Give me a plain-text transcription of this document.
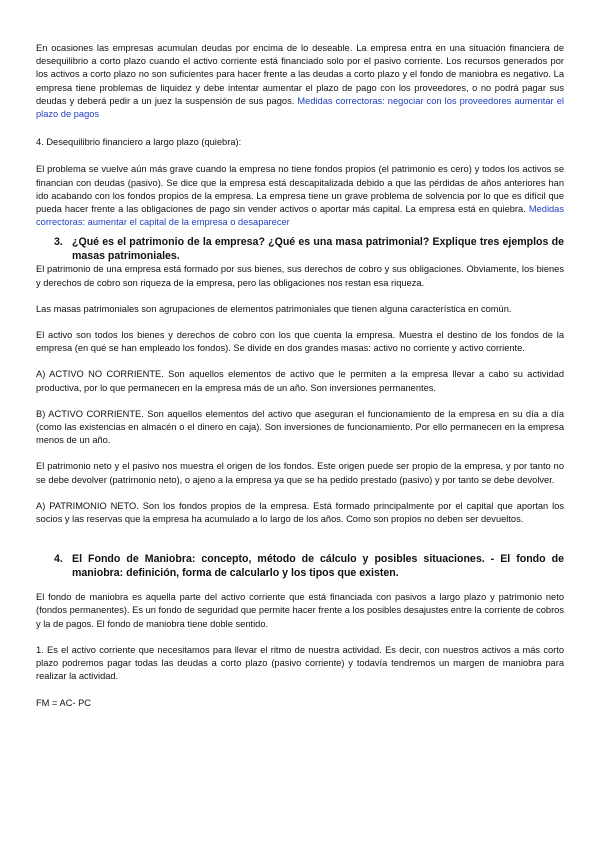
En ocasiones las empresas acumulan deudas por encima de lo deseable. La empresa entra en una situación financiera de desequilibrio a corto plazo cuando el activo corriente está financiado solo por el pasivo corriente. Los recursos generados por los activos a corto plazo no son suficientes para hacer frente a las deudas a corto plazo y el fondo de maniobra es negativo. La empresa tiene problemas de liquidez y debe intentar aumentar el plazo de pago con los proveedores, o no podrá pagar sus deudas y deberá pedir a un juez la suspensión de sus pagos. Medidas correctoras: negociar con los proveedores aumentar el plazo de pagos

4. Desequilibrio financiero a largo plazo (quiebra):

El problema se vuelve aún más grave cuando la empresa no tiene fondos propios (el patrimonio es cero) y todos los activos se financian con deudas (pasivo). Se dice que la empresa está descapitalizada debido a que las pérdidas de años anteriores han ido acabando con los fondos propios de la empresa. La empresa tiene un grave problema de solvencia por lo que es difícil que pueda hacer frente a las obligaciones de pago sin vender activos o aportar más capital. La empresa está en quiebra. Medidas correctoras: aumentar el capital de la empresa o desaparecer

3. ¿Qué es el patrimonio de la empresa? ¿Qué es una masa patrimonial? Explique tres ejemplos de masas patrimoniales.

El patrimonio de una empresa está formado por sus bienes, sus derechos de cobro y sus obligaciones. Obviamente, los bienes y derechos de cobro son riqueza de la empresa, pero las obligaciones nos restan esa riqueza.

Las masas patrimoniales son agrupaciones de elementos patrimoniales que tienen alguna característica en común.

El activo son todos los bienes y derechos de cobro con los que cuenta la empresa. Muestra el destino de los fondos de la empresa (en qué se han empleado los fondos). Se divide en dos grandes masas: activo no corriente y activo corriente.

A) ACTIVO NO CORRIENTE. Son aquellos elementos de activo que le permiten a la empresa llevar a cabo su actividad productiva, por lo que permanecen en la empresa más de un año. Son inversiones permanentes.

B) ACTIVO CORRIENTE. Son aquellos elementos del activo que aseguran el funcionamiento de la empresa en su día a día (como las existencias en almacén o el dinero en caja). Son inversiones de funcionamiento. Por ello permanecen en la empresa menos de un año.

El patrimonio neto y el pasivo nos muestra el origen de los fondos. Este origen puede ser propio de la empresa, y por tanto no se debe devolver (patrimonio neto), o ajeno a la empresa ya que se ha pedido prestado (pasivo) y por tanto se debe devolver.

A) PATRIMONIO NETO. Son los fondos propios de la empresa. Está formado principalmente por el capital que aportan los socios y las reservas que la empresa ha acumulado a lo largo de los años. Como son propios no deben ser devueltos.

4. El Fondo de Maniobra: concepto, método de cálculo y posibles situaciones. - El fondo de maniobra: definición, forma de calcularlo y los tipos que existen.

El fondo de maniobra es aquella parte del activo corriente que está financiada con pasivos a largo plazo y patrimonio neto (fondos permanentes). Es un fondo de seguridad que permite hacer frente a los posibles desajustes entre la corriente de cobros y la de pagos. El fondo de maniobra tiene doble sentido.

1. Es el activo corriente que necesitamos para llevar el ritmo de nuestra actividad. Es decir, con nuestros activos a más corto plazo podremos pagar todas las deudas a corto plazo (pasivo corriente) y todavía tendremos un margen de maniobra para realizar la actividad.

FM = AC- PC
